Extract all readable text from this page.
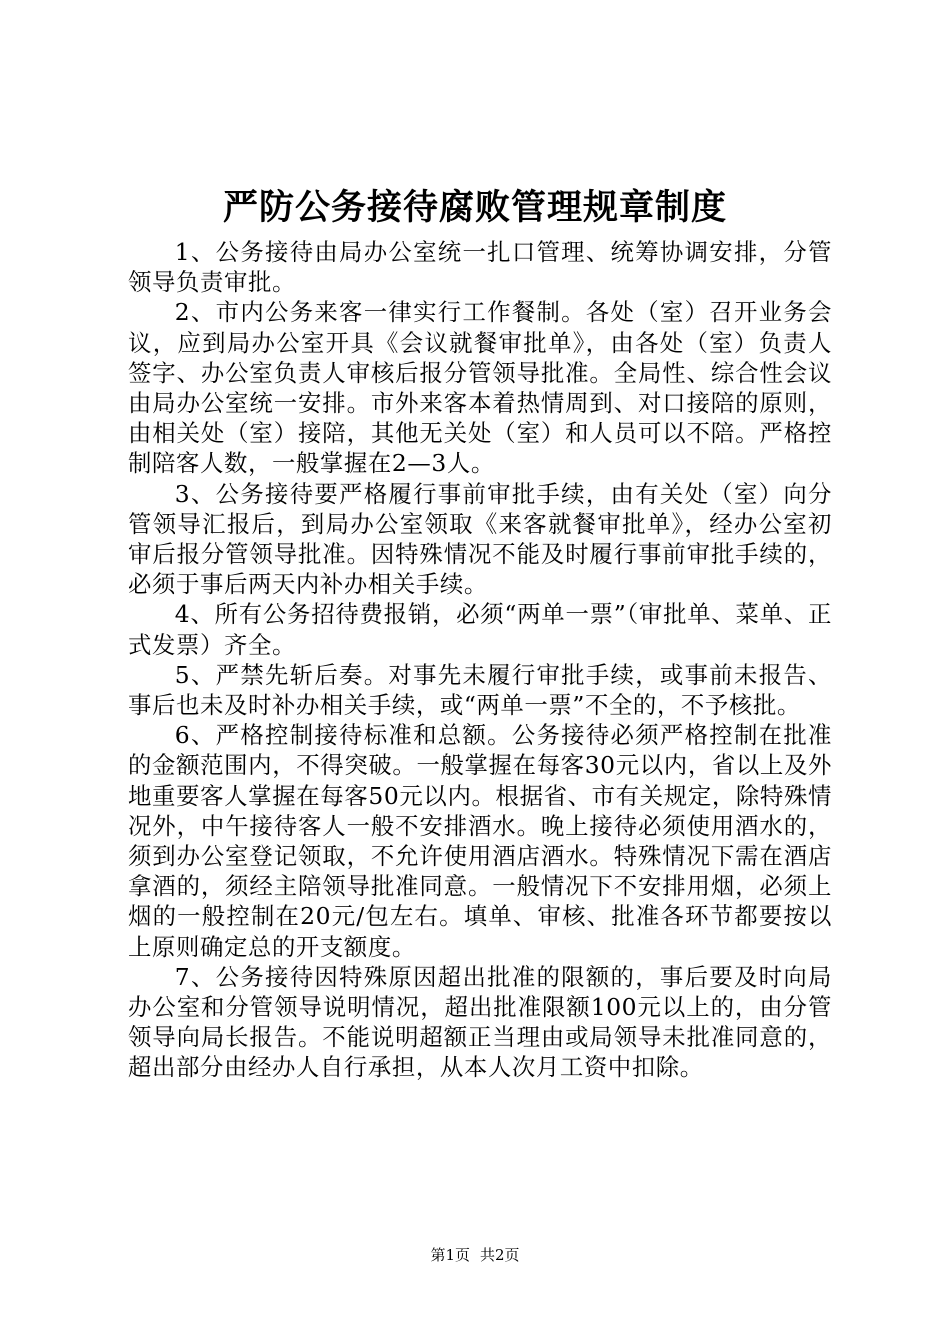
严防公务接待腐败管理规章制度

1、公务接待由局办公室统一扎口管理、统筹协调安排，分管领导负责审批。

2、市内公务来客一律实行工作餐制。各处（室）召开业务会议，应到局办公室开具《会议就餐审批单》，由各处（室）负责人签字、办公室负责人审核后报分管领导批准。全局性、综合性会议由局办公室统一安排。市外来客本着热情周到、对口接陪的原则，由相关处（室）接陪，其他无关处（室）和人员可以不陪。严格控制陪客人数，一般掌握在2—3人。

3、公务接待要严格履行事前审批手续，由有关处（室）向分管领导汇报后，到局办公室领取《来客就餐审批单》，经办公室初审后报分管领导批准。因特殊情况不能及时履行事前审批手续的，必须于事后两天内补办相关手续。

4、所有公务招待费报销，必须“两单一票”（审批单、菜单、正式发票）齐全。

5、严禁先斩后奏。对事先未履行审批手续，或事前未报告、事后也未及时补办相关手续，或“两单一票”不全的，不予核批。

6、严格控制接待标准和总额。公务接待必须严格控制在批准的金额范围内，不得突破。一般掌握在每客30元以内，省以上及外地重要客人掌握在每客50元以内。根据省、市有关规定，除特殊情况外，中午接待客人一般不安排酒水。晚上接待必须使用酒水的，须到办公室登记领取，不允许使用酒店酒水。特殊情况下需在酒店拿酒的，须经主陪领导批准同意。一般情况下不安排用烟，必须上烟的一般控制在20元/包左右。填单、审核、批准各环节都要按以上原则确定总的开支额度。

7、公务接待因特殊原因超出批准的限额的，事后要及时向局办公室和分管领导说明情况，超出批准限额100元以上的，由分管领导向局长报告。不能说明超额正当理由或局领导未批准同意的，超出部分由经办人自行承担，从本人次月工资中扣除。

第1页 共2页
